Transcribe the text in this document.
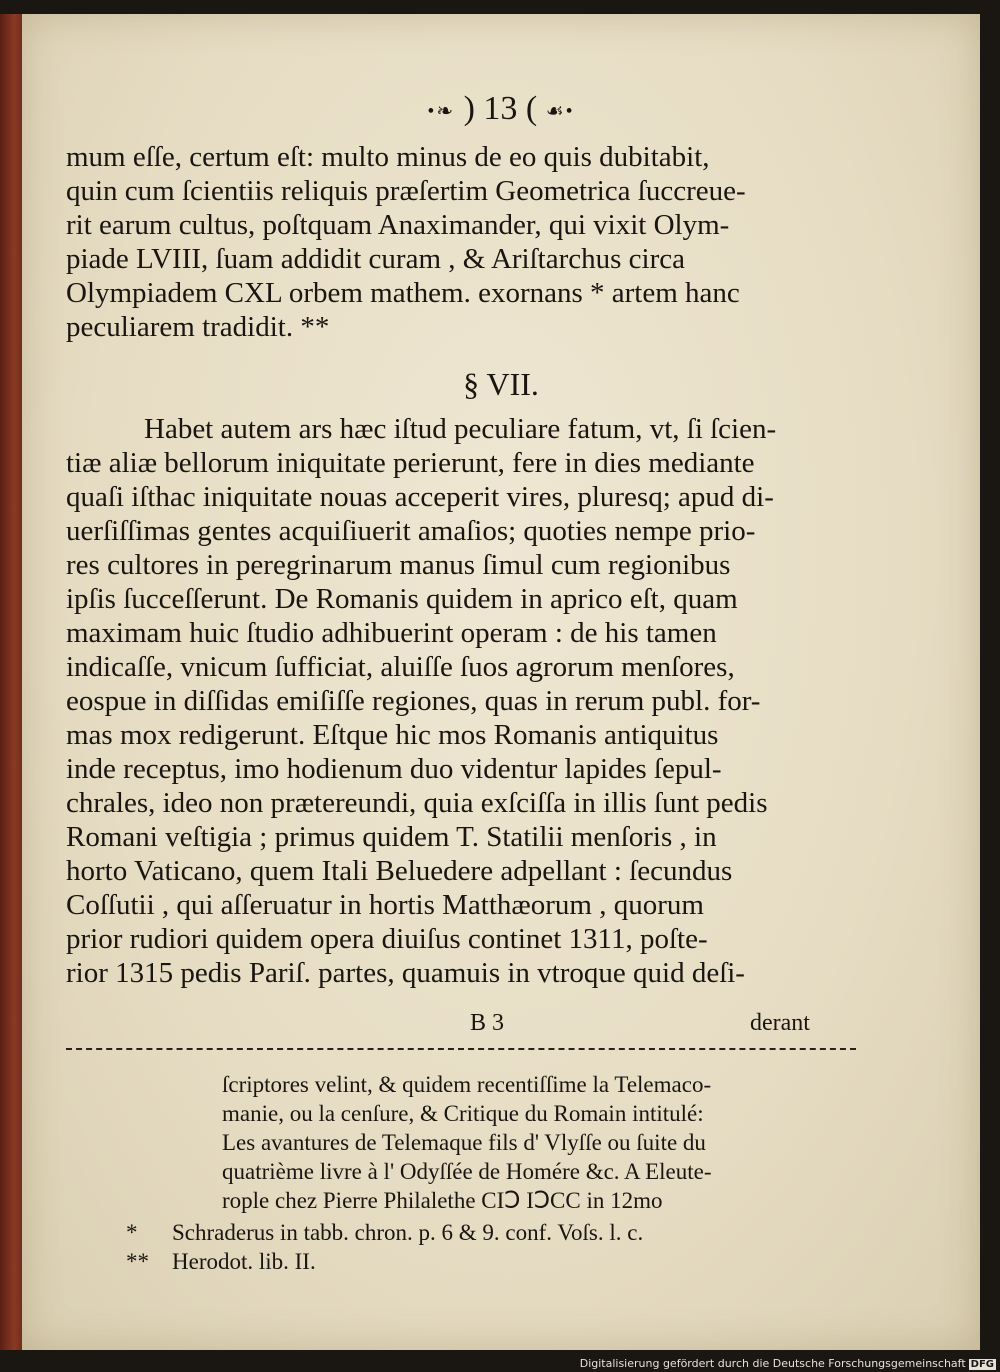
•❧ ) 13 ( ☙•
mum eſſe, certum eſt: multo minus de eo quis dubitabit,
quin cum ſcientiis reliquis præſertim Geometrica ſuccreue-
rit earum cultus, poſtquam Anaximander, qui vixit Olym-
piade LVIII, ſuam addidit curam , & Ariſtarchus circa
Olympiadem CXL orbem mathem. exornans * artem hanc
peculiarem tradidit. **
§ VII.
Habet autem ars hæc iſtud peculiare fatum, vt, ſi ſcien-
tiæ aliæ bellorum iniquitate perierunt, fere in dies mediante
quaſi iſthac iniquitate nouas acceperit vires, pluresq; apud di-
uerſiſſimas gentes acquiſiuerit amaſios; quoties nempe prio-
res cultores in peregrinarum manus ſimul cum regionibus
ipſis ſucceſſerunt. De Romanis quidem in aprico eſt, quam
maximam huic ſtudio adhibuerint operam : de his tamen
indicaſſe, vnicum ſufficiat, aluiſſe ſuos agrorum menſores,
eospue in diſſidas emiſiſſe regiones, quas in rerum publ. for-
mas mox redigerunt. Eſtque hic mos Romanis antiquitus
inde receptus, imo hodienum duo videntur lapides ſepul-
chrales, ideo non prætereundi, quia exſciſſa in illis ſunt pedis
Romani veſtigia ; primus quidem T. Statilii menſoris , in
horto Vaticano, quem Itali Beluedere adpellant : ſecundus
Coſſutii , qui aſſeruatur in hortis Matthæorum , quorum
prior rudiori quidem opera diuiſus continet 1311, poſte-
rior 1315 pedis Pariſ. partes, quamuis in vtroque quid deſi-
B 3	derant
ſcriptores velint, & quidem recentiſſime la Telemaco-
manie, ou la cenſure, & Critique du Romain intitulé:
Les avantures de Telemaque fils d' Vlyſſe ou ſuite du
quatrième livre à l' Odyſſée de Homére &c. A Eleute-
rople chez Pierre Philalethe CIↃ IↃCC in 12mo
* Schraderus in tabb. chron. p. 6 & 9. conf. Voſs. l. c.
** Herodot. lib. II.
Digitalisierung gefördert durch die Deutsche Forschungsgemeinschaft DFG
